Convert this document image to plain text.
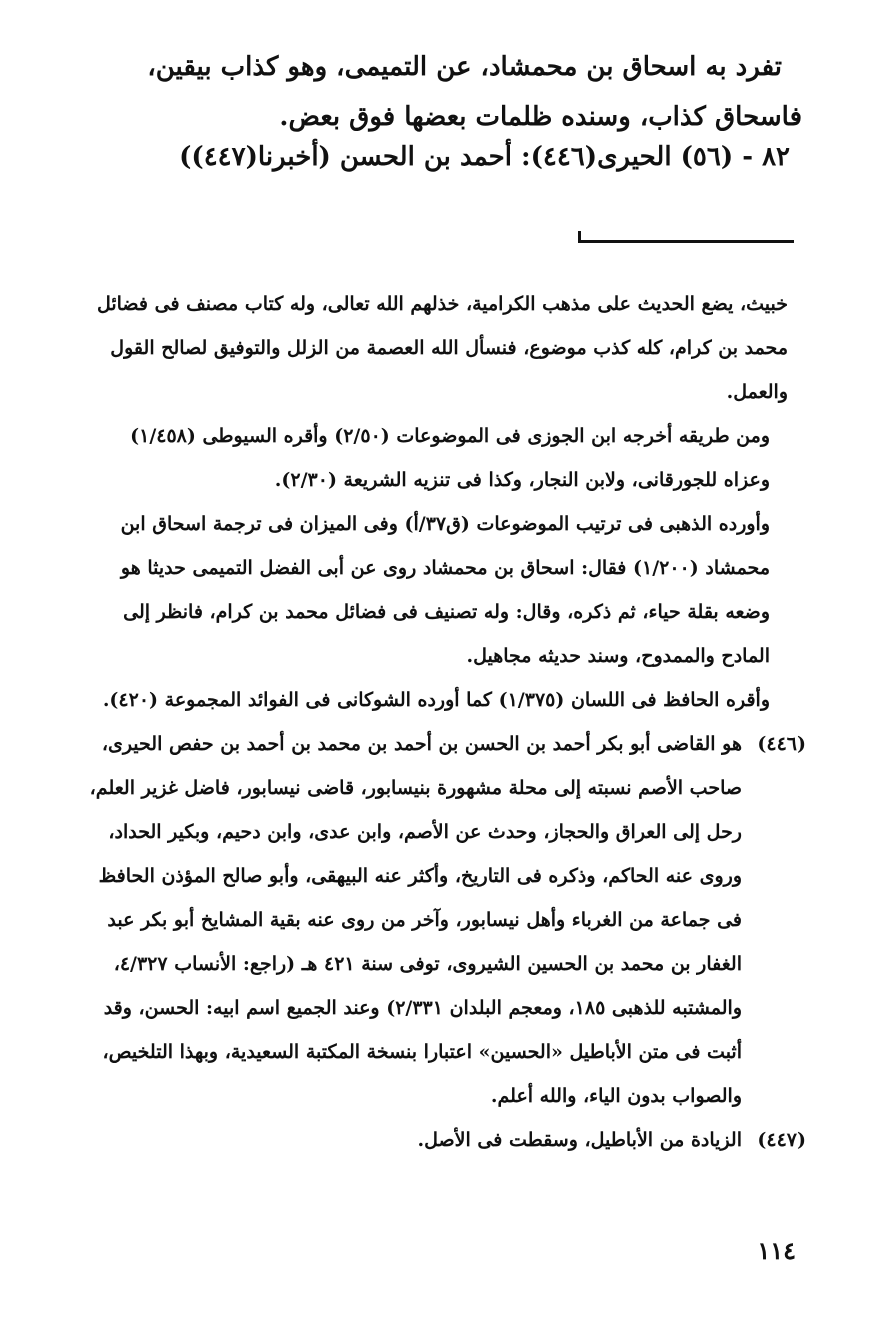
تفرد به اسحاق بن محمشاد، عن التميمى، وهو كذاب بيقين،

فاسحاق كذاب، وسنده ظلمات بعضها فوق بعض.

٨٢ - (٥٦) الحيرى(٤٤٦): أحمد بن الحسن (أخبرنا(٤٤٧))

خبيث، يضع الحديث على مذهب الكرامية، خذلهم الله تعالى، وله كتاب مصنف فى فضائل محمد بن كرام، كله كذب موضوع، فنسأل الله العصمة من الزلل والتوفيق لصالح القول والعمل.

ومن طريقه أخرجه ابن الجوزى فى الموضوعات (٢/٥٠) وأقره السيوطى (١/٤٥٨) وعزاه للجورقانى، ولابن النجار، وكذا فى تنزيه الشريعة (٢/٣٠).

وأورده الذهبى فى ترتيب الموضوعات (ق٣٧/أ) وفى الميزان فى ترجمة اسحاق ابن محمشاد (١/٢٠٠) فقال: اسحاق بن محمشاد روى عن أبى الفضل التميمى حديثا هو وضعه بقلة حياء، ثم ذكره، وقال: وله تصنيف فى فضائل محمد بن كرام، فانظر إلى المادح والممدوح، وسند حديثه مجاهيل.

وأقره الحافظ فى اللسان (١/٣٧٥) كما أورده الشوكانى فى الفوائد المجموعة (٤٢٠).

(٤٤٦)
هو القاضى أبو بكر أحمد بن الحسن بن أحمد بن محمد بن أحمد بن حفص الحيرى، صاحب الأصم نسبته إلى محلة مشهورة بنيسابور، قاضى نيسابور، فاضل غزير العلم، رحل إلى العراق والحجاز، وحدث عن الأصم، وابن عدى، وابن دحيم، وبكير الحداد، وروى عنه الحاكم، وذكره فى التاريخ، وأكثر عنه البيهقى، وأبو صالح المؤذن الحافظ فى جماعة من الغرباء وأهل نيسابور، وآخر من روى عنه بقية المشايخ أبو بكر عبد الغفار بن محمد بن الحسين الشيروى، توفى سنة ٤٢١ هـ (راجع: الأنساب ٤/٣٢٧، والمشتبه للذهبى ١٨٥، ومعجم البلدان ٢/٣٣١) وعند الجميع اسم ابيه: الحسن، وقد أثبت فى متن الأباطيل «الحسين» اعتبارا بنسخة المكتبة السعيدية، وبهذا التلخيص، والصواب بدون الياء، والله أعلم.

(٤٤٧)
الزيادة من الأباطيل، وسقطت فى الأصل.

١١٤
